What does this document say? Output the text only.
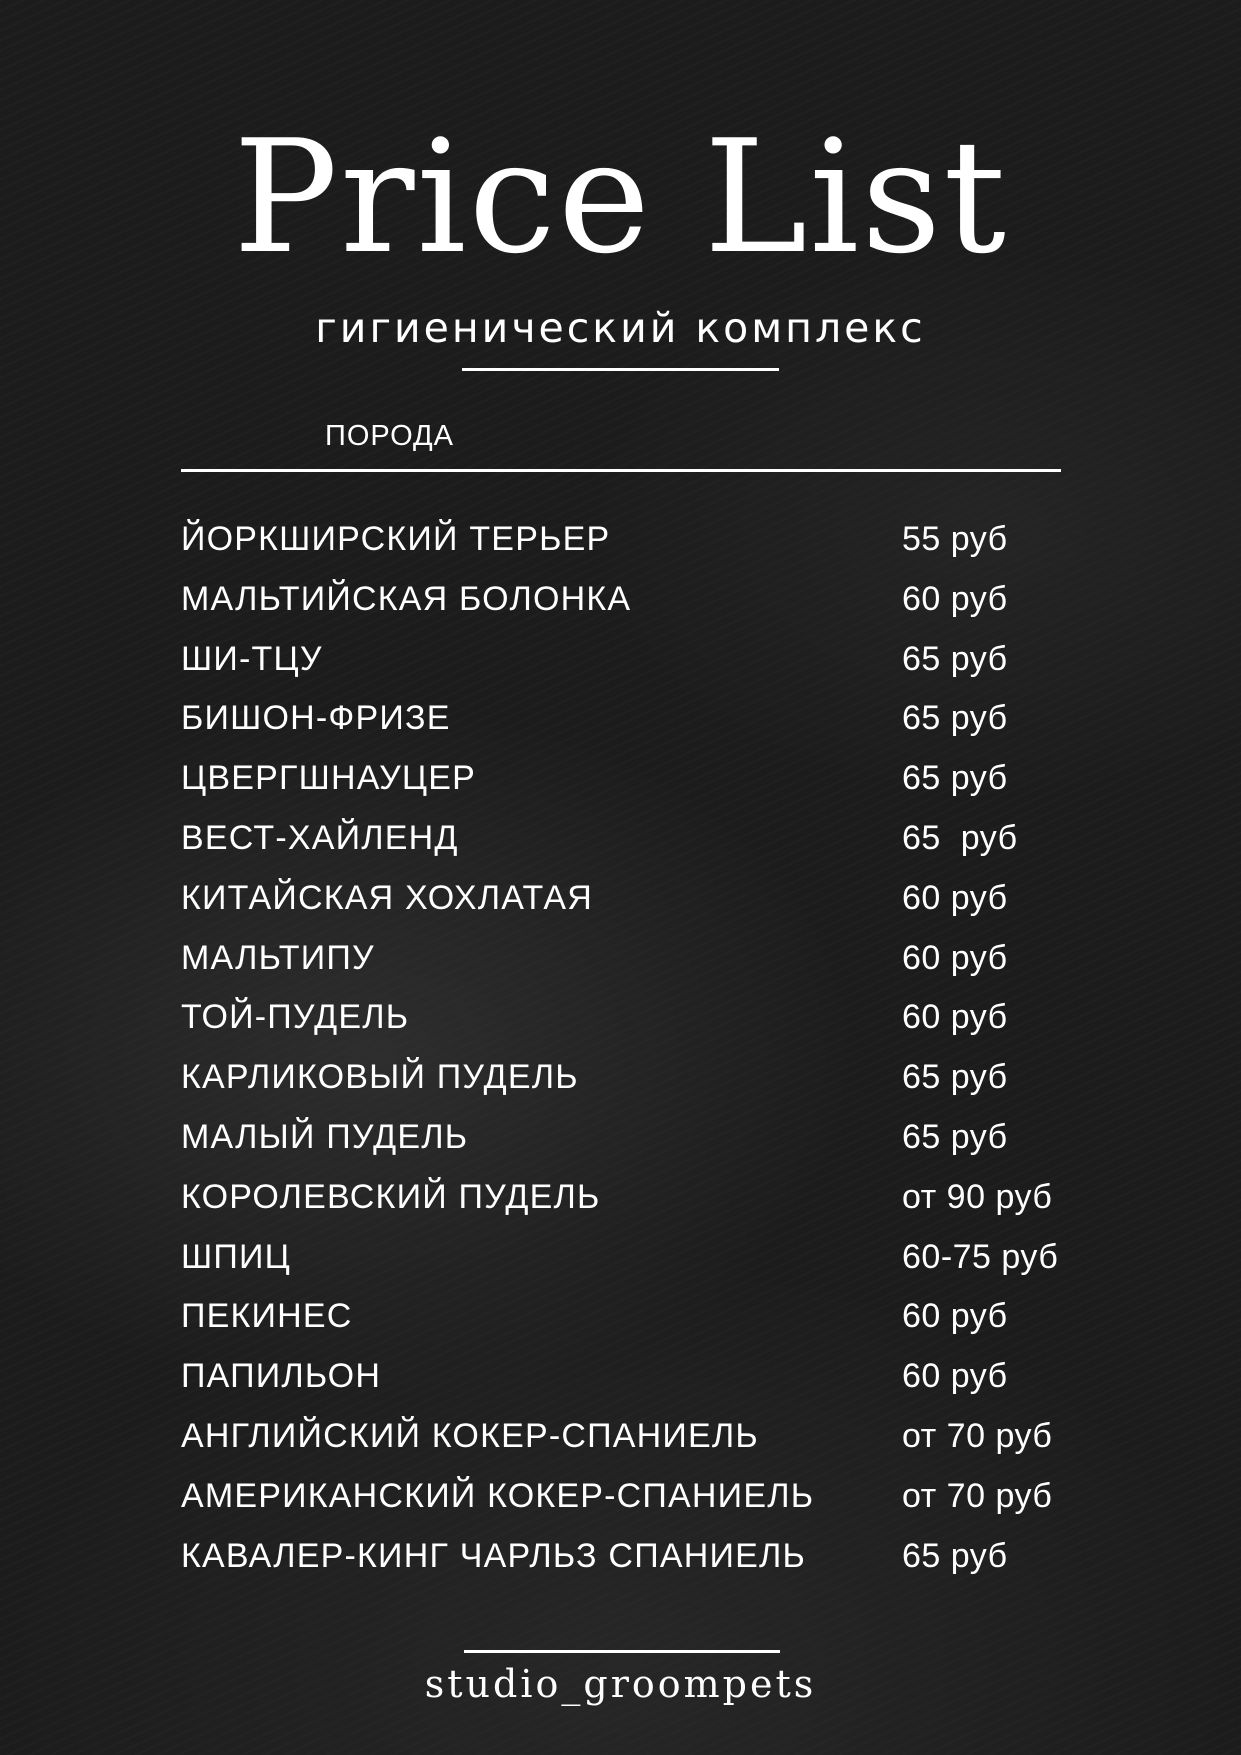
Price List
гигиенический комплекс
ПОРОДА
ЙОРКШИРСКИЙ ТЕРЬЕР	55 руб
МАЛЬТИЙСКАЯ БОЛОНКА	60 руб
ШИ-ТЦУ	65 руб
БИШОН-ФРИЗЕ	65 руб
ЦВЕРГШНАУЦЕР	65 руб
ВЕСТ-ХАЙЛЕНД	65  руб
КИТАЙСКАЯ ХОХЛАТАЯ	60 руб
МАЛЬТИПУ	60 руб
ТОЙ-ПУДЕЛЬ	60 руб
КАРЛИКОВЫЙ ПУДЕЛЬ	65 руб
МАЛЫЙ ПУДЕЛЬ	65 руб
КОРОЛЕВСКИЙ ПУДЕЛЬ	от 90 руб
ШПИЦ	60-75 руб
ПЕКИНЕС	60 руб
ПАПИЛЬОН	60 руб
АНГЛИЙСКИЙ КОКЕР-СПАНИЕЛЬ	от 70 руб
АМЕРИКАНСКИЙ КОКЕР-СПАНИЕЛЬ	от 70 руб
КАВАЛЕР-КИНГ ЧАРЛЬЗ СПАНИЕЛЬ	65 руб
studio_groompets
